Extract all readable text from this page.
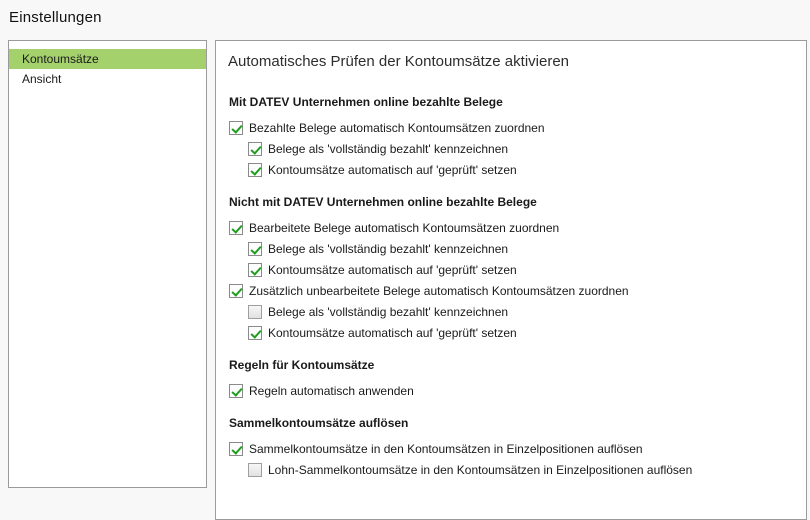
Einstellungen
Kontoumsätze
Ansicht
Automatisches Prüfen der Kontoumsätze aktivieren
Mit DATEV Unternehmen online bezahlte Belege
Bezahlte Belege automatisch Kontoumsätzen zuordnen
Belege als 'vollständig bezahlt' kennzeichnen
Kontoumsätze automatisch auf 'geprüft' setzen
Nicht mit DATEV Unternehmen online bezahlte Belege
Bearbeitete Belege automatisch Kontoumsätzen zuordnen
Belege als 'vollständig bezahlt' kennzeichnen
Kontoumsätze automatisch auf 'geprüft' setzen
Zusätzlich unbearbeitete Belege automatisch Kontoumsätzen zuordnen
Belege als 'vollständig bezahlt' kennzeichnen
Kontoumsätze automatisch auf 'geprüft' setzen
Regeln für Kontoumsätze
Regeln automatisch anwenden
Sammelkontoumsätze auflösen
Sammelkontoumsätze in den Kontoumsätzen in Einzelpositionen auflösen
Lohn-Sammelkontoumsätze in den Kontoumsätzen in Einzelpositionen auflösen
